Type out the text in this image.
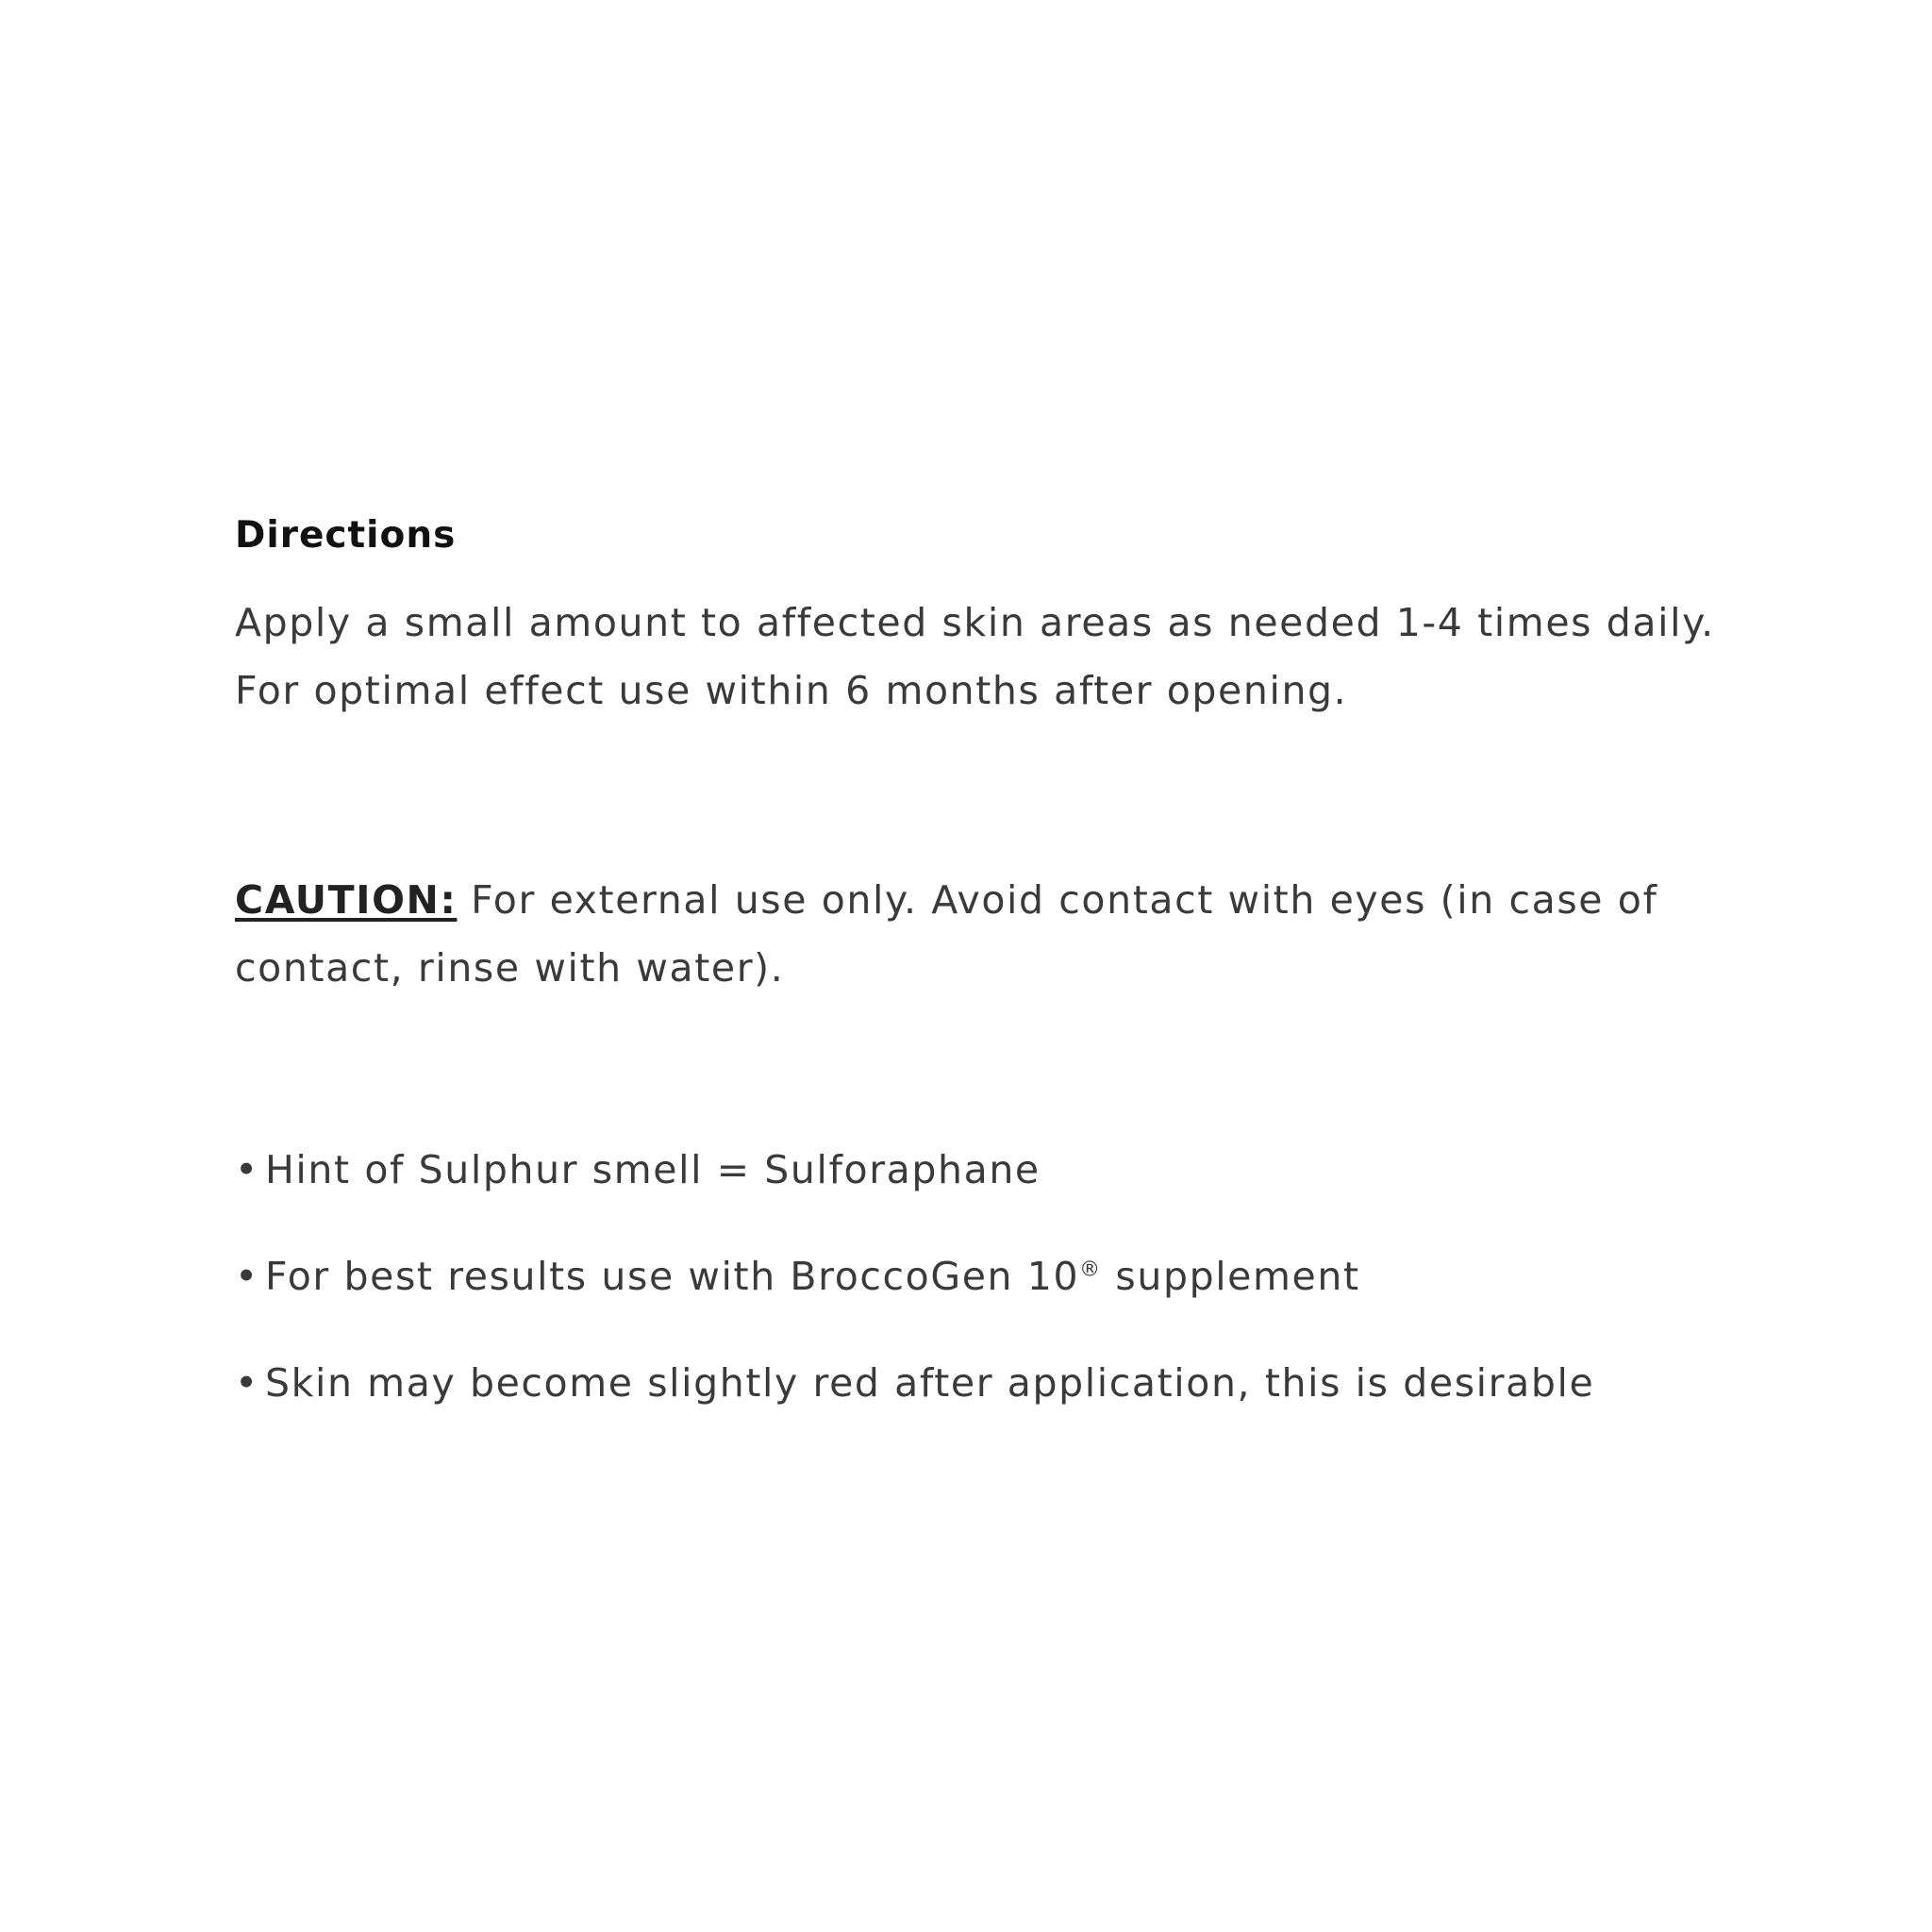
Directions

Apply a small amount to affected skin areas as needed 1-4 times daily.
For optimal effect use within 6 months after opening.

CAUTION: For external use only. Avoid contact with eyes (in case of contact, rinse with water).

• Hint of Sulphur smell = Sulforaphane
• For best results use with BroccoGen 10® supplement
• Skin may become slightly red after application, this is desirable
